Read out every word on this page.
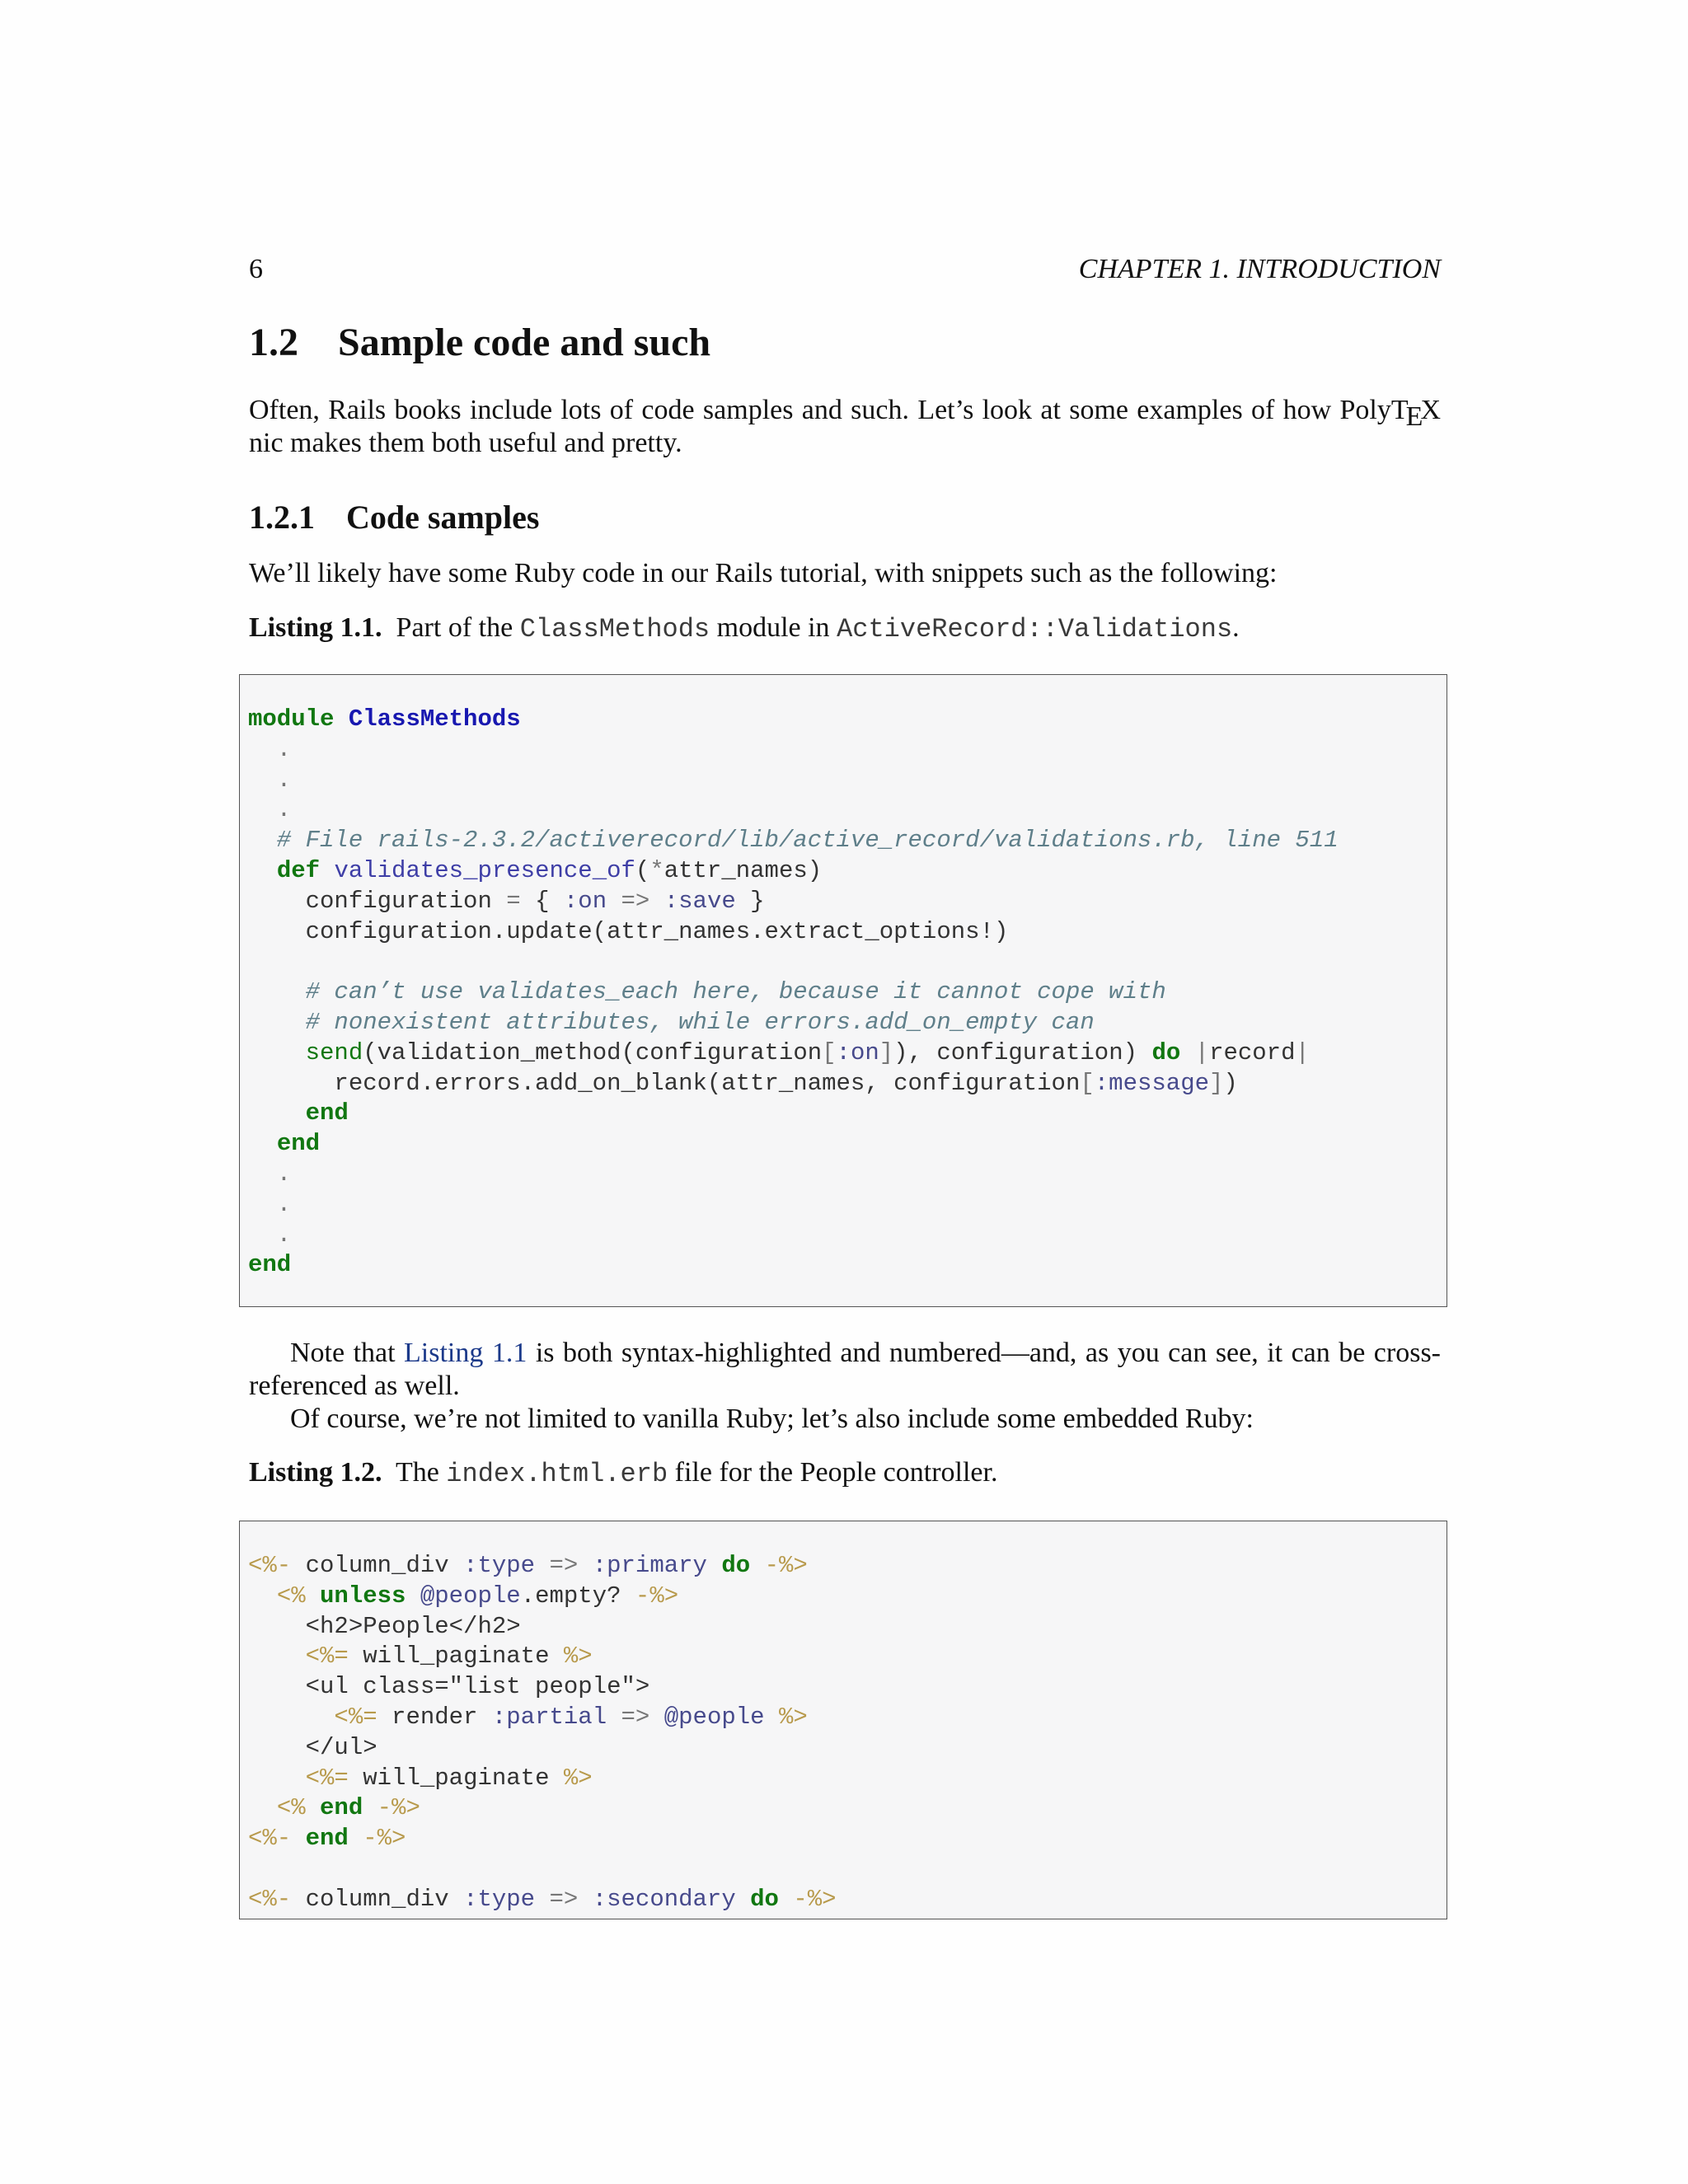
6	CHAPTER 1. INTRODUCTION
1.2 Sample code and such
Often, Rails books include lots of code samples and such. Let’s look at some examples of how PolyTEXnic makes them both useful and pretty.
1.2.1 Code samples
We’ll likely have some Ruby code in our Rails tutorial, with snippets such as the following:
Listing 1.1. Part of the ClassMethods module in ActiveRecord::Validations.
module ClassMethods
.
.
.
# File rails-2.3.2/activerecord/lib/active_record/validations.rb, line 511
def validates_presence_of(*attr_names)
configuration = { :on => :save }
configuration.update(attr_names.extract_options!)

# can’t use validates_each here, because it cannot cope with
# nonexistent attributes, while errors.add_on_empty can
send(validation_method(configuration[:on]), configuration) do |record|
record.errors.add_on_blank(attr_names, configuration[:message])
end
end
.
.
.
end
Note that Listing 1.1 is both syntax-highlighted and numbered—and, as you can see, it can be cross-referenced as well.
Of course, we’re not limited to vanilla Ruby; let’s also include some embedded Ruby:
Listing 1.2. The index.html.erb file for the People controller.
<%- column_div :type => :primary do -%>
<% unless @people.empty? -%>
<h2>People</h2>
<%= will_paginate %>
<ul class="list people">
<%= render :partial => @people %>
</ul>
<%= will_paginate %>
<% end -%>
<%- end -%>

<%- column_div :type => :secondary do -%>
